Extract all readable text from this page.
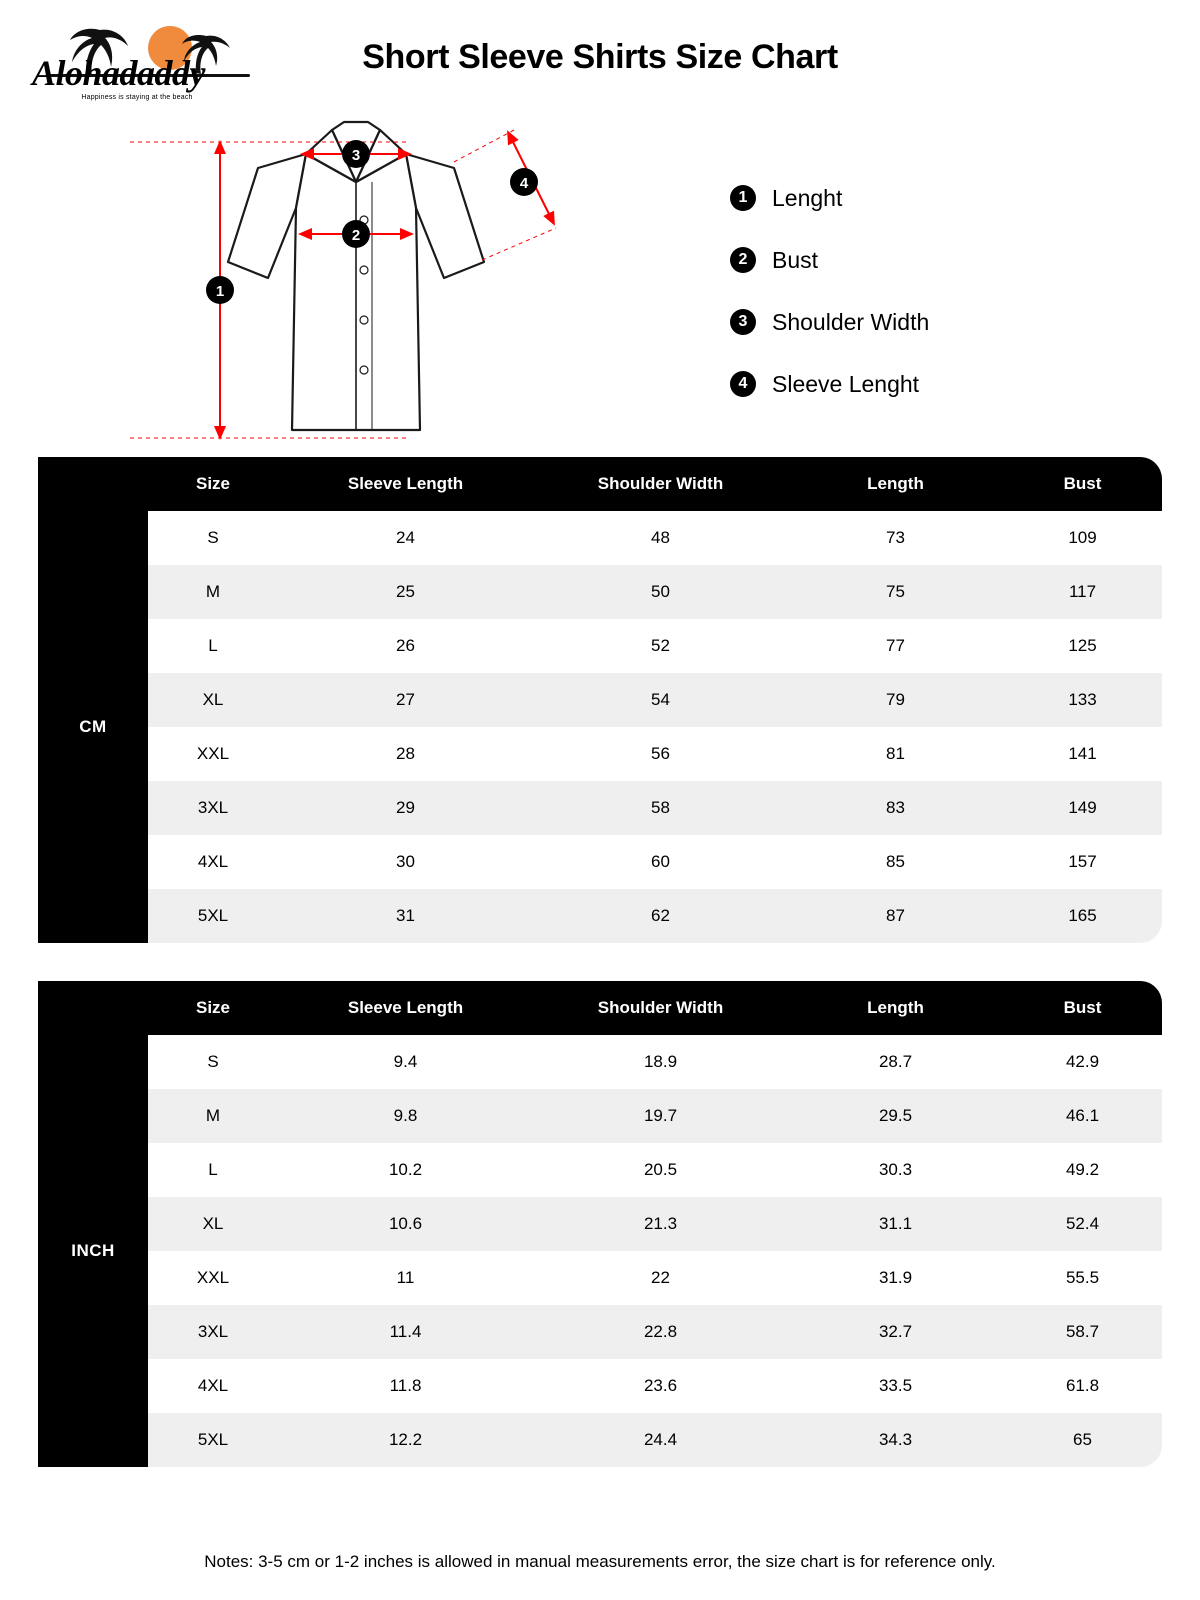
Alohadaddy
Happiness is staying at the beach
Short Sleeve Shirts Size Chart
1
2
3
4
1	Lenght
2	Bust
3	Shoulder Width
4	Sleeve Lenght
	Size	Sleeve Length	Shoulder Width	Length	Bust
CM	S	24	48	73	109
	M	25	50	75	117
	L	26	52	77	125
	XL	27	54	79	133
	XXL	28	56	81	141
	3XL	29	58	83	149
	4XL	30	60	85	157
	5XL	31	62	87	165
	Size	Sleeve Length	Shoulder Width	Length	Bust
INCH	S	9.4	18.9	28.7	42.9
	M	9.8	19.7	29.5	46.1
	L	10.2	20.5	30.3	49.2
	XL	10.6	21.3	31.1	52.4
	XXL	11	22	31.9	55.5
	3XL	11.4	22.8	32.7	58.7
	4XL	11.8	23.6	33.5	61.8
	5XL	12.2	24.4	34.3	65
Notes: 3-5 cm or 1-2 inches is allowed in manual measurements error, the size chart is for reference only.
